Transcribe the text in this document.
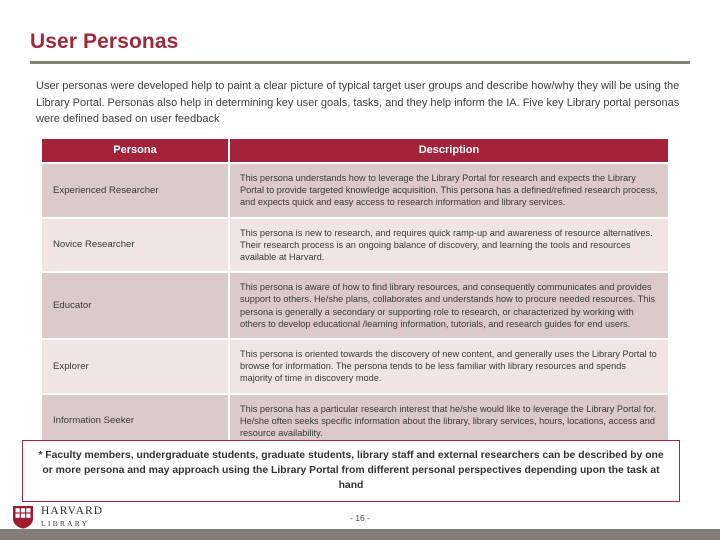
User Personas
User personas were developed help to paint a clear picture of typical target user groups and describe how/why they will be using the Library Portal. Personas also help in determining key user goals, tasks, and they help inform the IA. Five key Library portal personas were defined based on user feedback
Persona	Description
Experienced Researcher
This persona understands how to leverage the Library Portal for research and expects the Library Portal to provide targeted knowledge acquisition. This persona has a defined/refined research process, and expects quick and easy access to research information and library services.
Novice Researcher
This persona is new to research, and requires quick ramp-up and awareness of resource alternatives. Their research process is an ongoing balance of discovery, and learning the tools and resources available at Harvard.
Educator
This persona is aware of how to find library resources, and consequently communicates and provides support to others. He/she plans, collaborates and understands how to procure needed resources. This persona is generally a secondary or supporting role to research, or characterized by working with others to develop educational /learning information, tutorials, and research guides for end users.
Explorer
This persona is oriented towards the discovery of new content, and generally uses the Library Portal to browse for information. The persona tends to be less familiar with library resources and spends majority of time in discovery mode.
Information Seeker
This persona has a particular research interest that he/she would like to leverage the Library Portal for. He/she often seeks specific information about the library, library services, hours, locations, access and resource availability.
* Faculty members, undergraduate students, graduate students, library staff and external researchers can be described by one or more persona and may approach using the Library Portal from different personal perspectives depending upon the task at hand
HARVARD
LIBRARY
- 16 -
